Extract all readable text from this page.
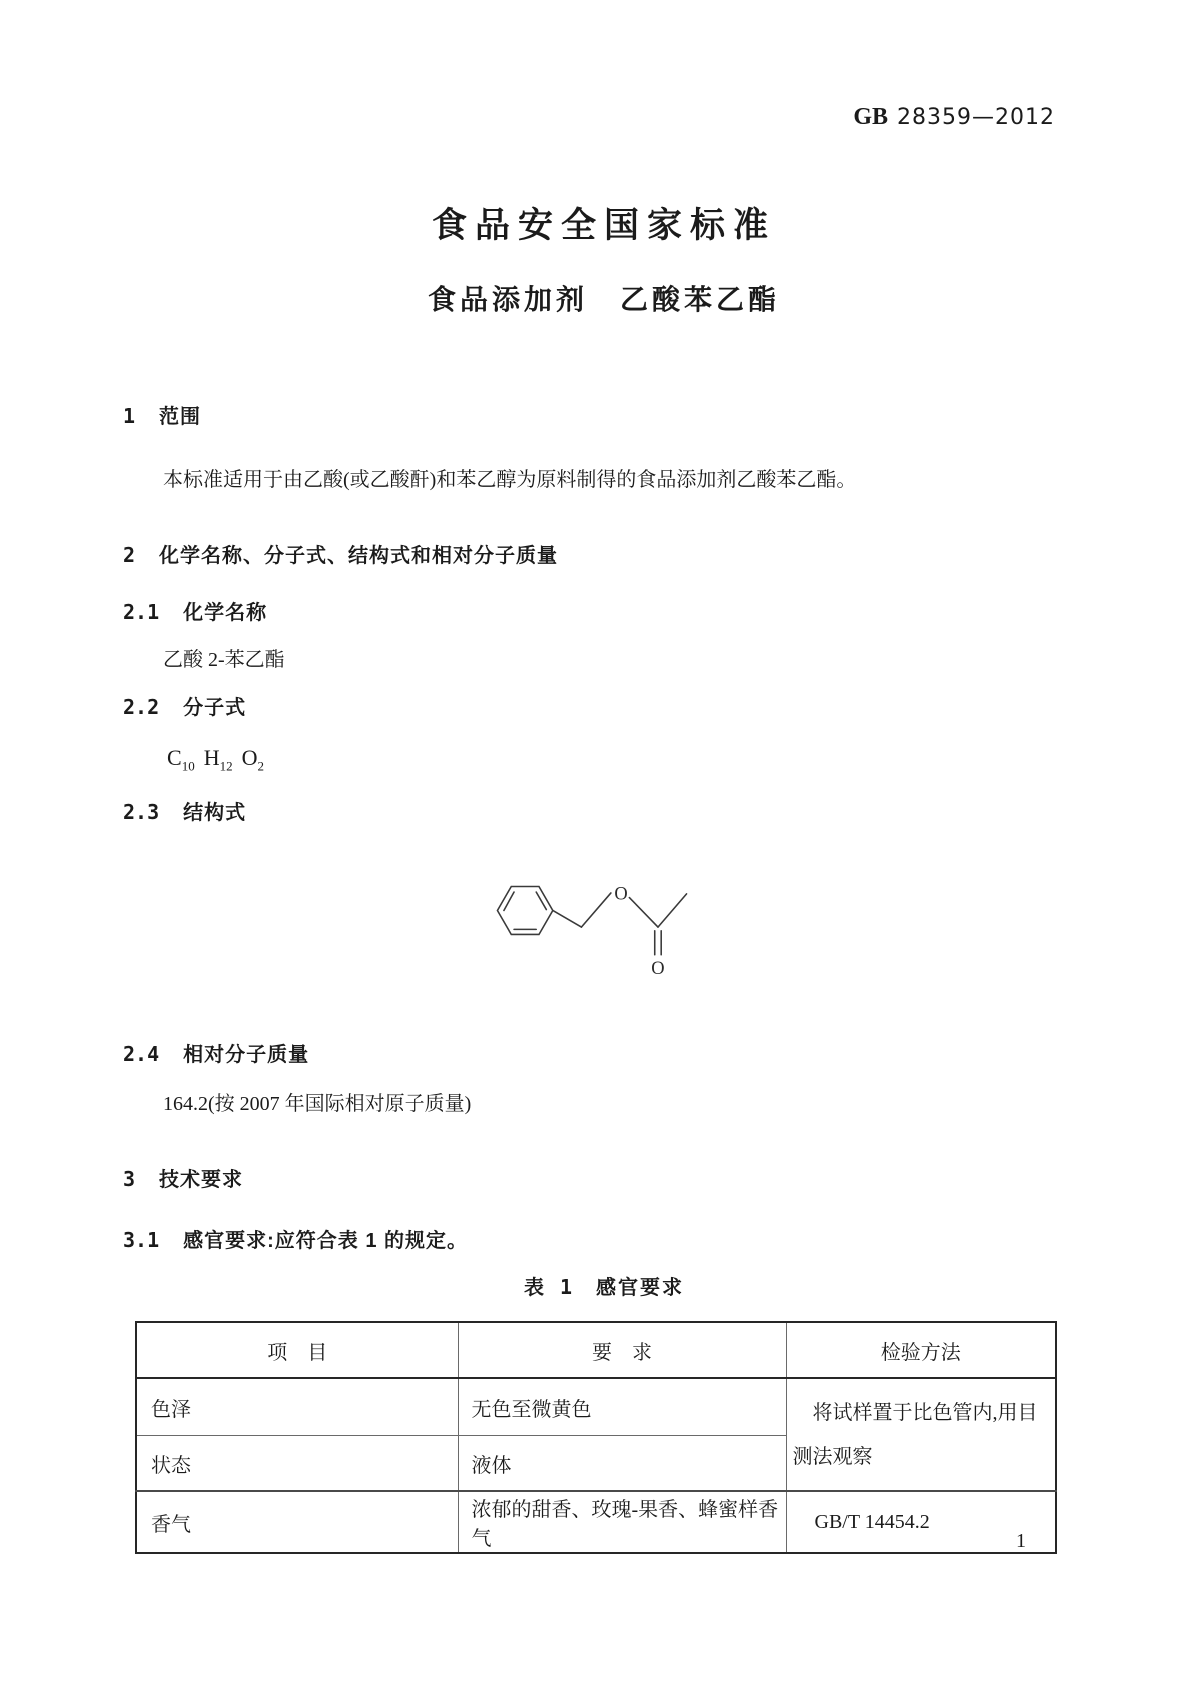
GB 28359—2012
食品安全国家标准
食品添加剂　乙酸苯乙酯
1 范围

本标准适用于由乙酸(或乙酸酐)和苯乙醇为原料制得的食品添加剂乙酸苯乙酯。

2 化学名称、分子式、结构式和相对分子质量
2.1 化学名称

乙酸 2-苯乙酯

2.2 分子式

$C_{10}$ $H_{12}$ $O_2$

2.3 结构式
O
O
2.4 相对分子质量

164.2(按 2007 年国际相对原子质量)

3 技术要求
3.1 感官要求:应符合表 1 的规定。

表 1　 感官要求

项　目	要　求	检验方法
色泽	无色至微黄色	将试样置于比色管内,用目测法观察

状态	液体	
香气	浓郁的甜香、玫瑰-果香、蜂蜜样香气	GB/T 14454.2
1
